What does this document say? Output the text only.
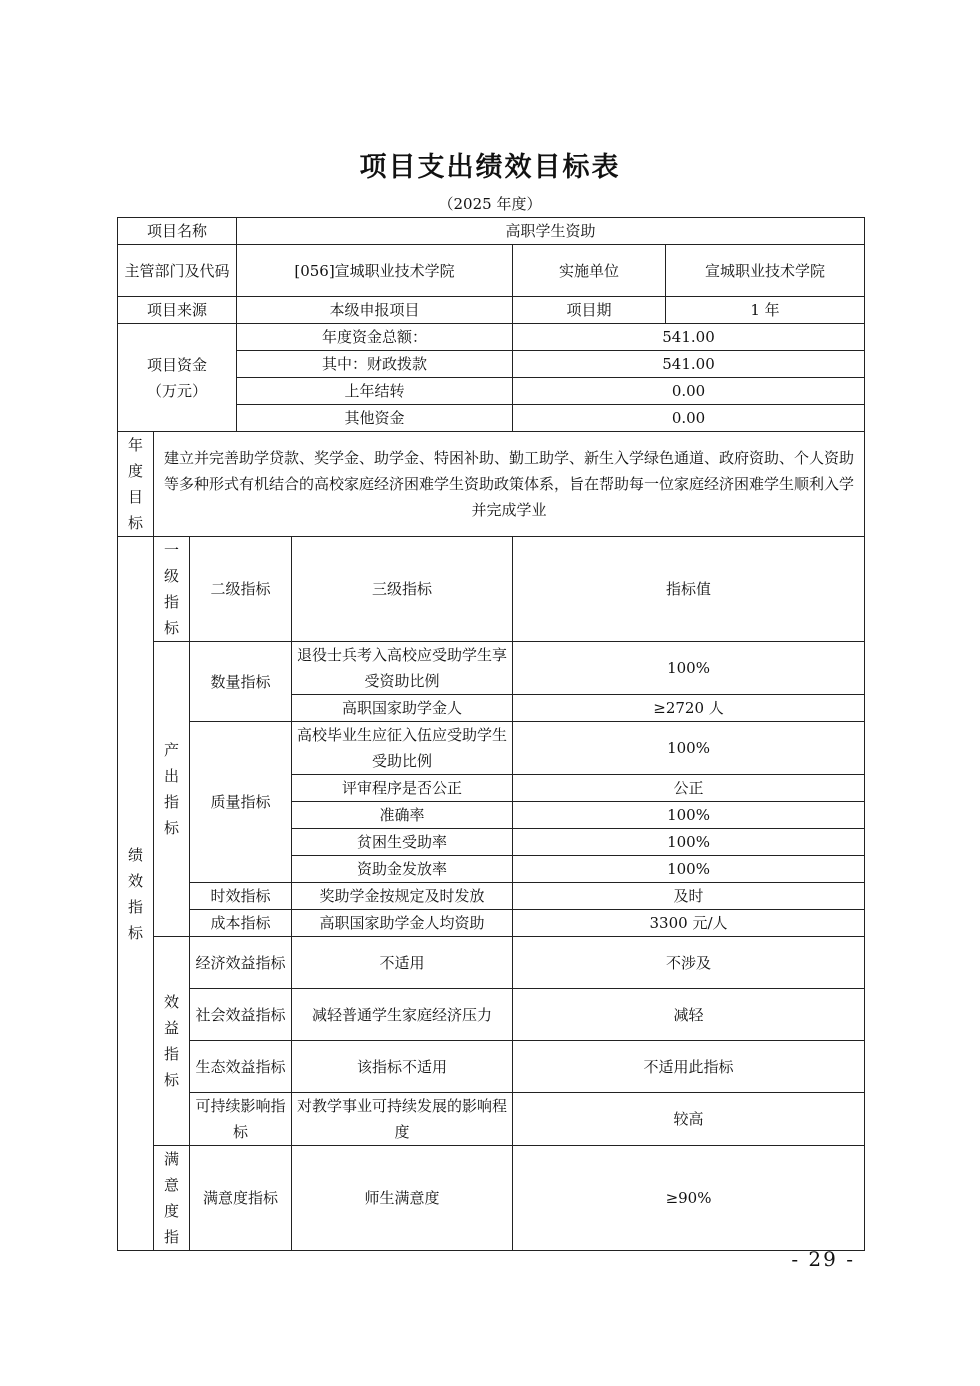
项目支出绩效目标表
（2025 年度）
项目名称			高职学生资助			
主管部门及代码			[056]宣城职业技术学院		实施单位	宣城职业技术学院
项目来源			本级申报项目		项目期	1 年

项目资金
（万元）			年度资金总额：		541.00	
			其中：财政拨款		541.00	
			上年结转		0.00	
			其他资金		0.00	
年度目标	建立并完善助学贷款、奖学金、助学金、特困补助、勤工助学、新生入学绿色通道、政府资助、个人资助等多种形式有机结合的高校家庭经济困难学生资助政策体系，旨在帮助每一位家庭经济困难学生顺利入学并完成学业					
绩效指标	一级指标	二级指标		三级指标	指标值	
	产出指标	数量指标		退役士兵考入高校应受助学生享受资助比例	100%	
				高职国家助学金人	≥2720 人	
		质量指标		高校毕业生应征入伍应受助学生受助比例	100%	
				评审程序是否公正	公正	
				准确率	100%	
				贫困生受助率	100%	
				资助金发放率	100%	
		时效指标		奖助学金按规定及时发放	及时	
		成本指标		高职国家助学金人均资助	3300 元/人	
	效益指标	经济效益指标		不适用	不涉及	
		社会效益指标		减轻普通学生家庭经济压力	减轻	
		生态效益指标		该指标不适用	不适用此指标	
		可持续影响指标		对教学事业可持续发展的影响程度	较高	
	满意度指	满意度指标		师生满意度	≥90%	
- 29 -
